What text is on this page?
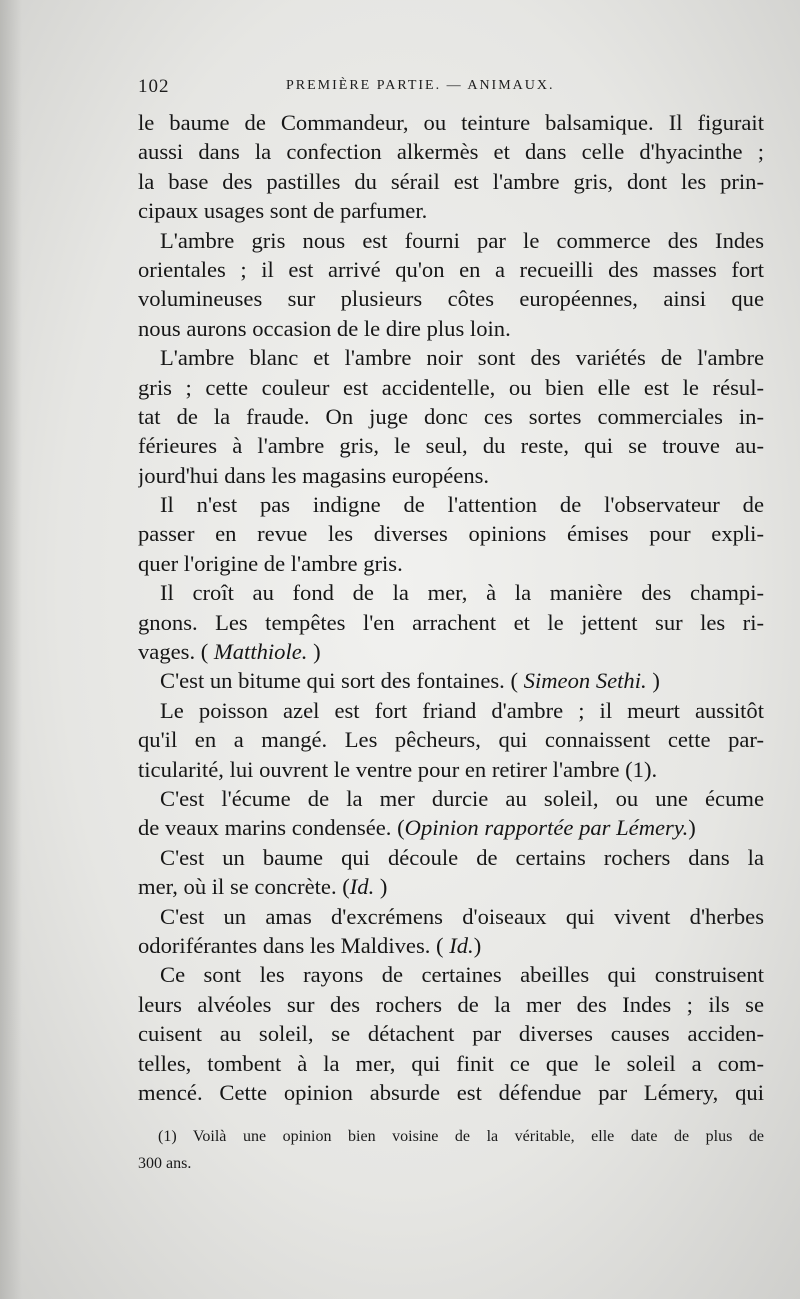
102	PREMIÈRE PARTIE. — ANIMAUX.
le baume de Commandeur, ou teinture balsamique. Il figurait
aussi dans la confection alkermès et dans celle d'hyacinthe ;
la base des pastilles du sérail est l'ambre gris, dont les prin-
cipaux usages sont de parfumer.
L'ambre gris nous est fourni par le commerce des Indes
orientales ; il est arrivé qu'on en a recueilli des masses fort
volumineuses sur plusieurs côtes européennes, ainsi que
nous aurons occasion de le dire plus loin.
L'ambre blanc et l'ambre noir sont des variétés de l'ambre
gris ; cette couleur est accidentelle, ou bien elle est le résul-
tat de la fraude. On juge donc ces sortes commerciales in-
férieures à l'ambre gris, le seul, du reste, qui se trouve au-
jourd'hui dans les magasins européens.
Il n'est pas indigne de l'attention de l'observateur de
passer en revue les diverses opinions émises pour expli-
quer l'origine de l'ambre gris.
Il croît au fond de la mer, à la manière des champi-
gnons. Les tempêtes l'en arrachent et le jettent sur les ri-
vages. ( Matthiole. )
C'est un bitume qui sort des fontaines. ( Simeon Sethi. )
Le poisson azel est fort friand d'ambre ; il meurt aussitôt
qu'il en a mangé. Les pêcheurs, qui connaissent cette par-
ticularité, lui ouvrent le ventre pour en retirer l'ambre (1).
C'est l'écume de la mer durcie au soleil, ou une écume
de veaux marins condensée. (Opinion rapportée par Lémery.)
C'est un baume qui découle de certains rochers dans la
mer, où il se concrète. (Id. )
C'est un amas d'excrémens d'oiseaux qui vivent d'herbes
odoriférantes dans les Maldives. ( Id.)
Ce sont les rayons de certaines abeilles qui construisent
leurs alvéoles sur des rochers de la mer des Indes ; ils se
cuisent au soleil, se détachent par diverses causes acciden-
telles, tombent à la mer, qui finit ce que le soleil a com-
mencé. Cette opinion absurde est défendue par Lémery, qui
(1) Voilà une opinion bien voisine de la véritable, elle date de plus de
300 ans.
